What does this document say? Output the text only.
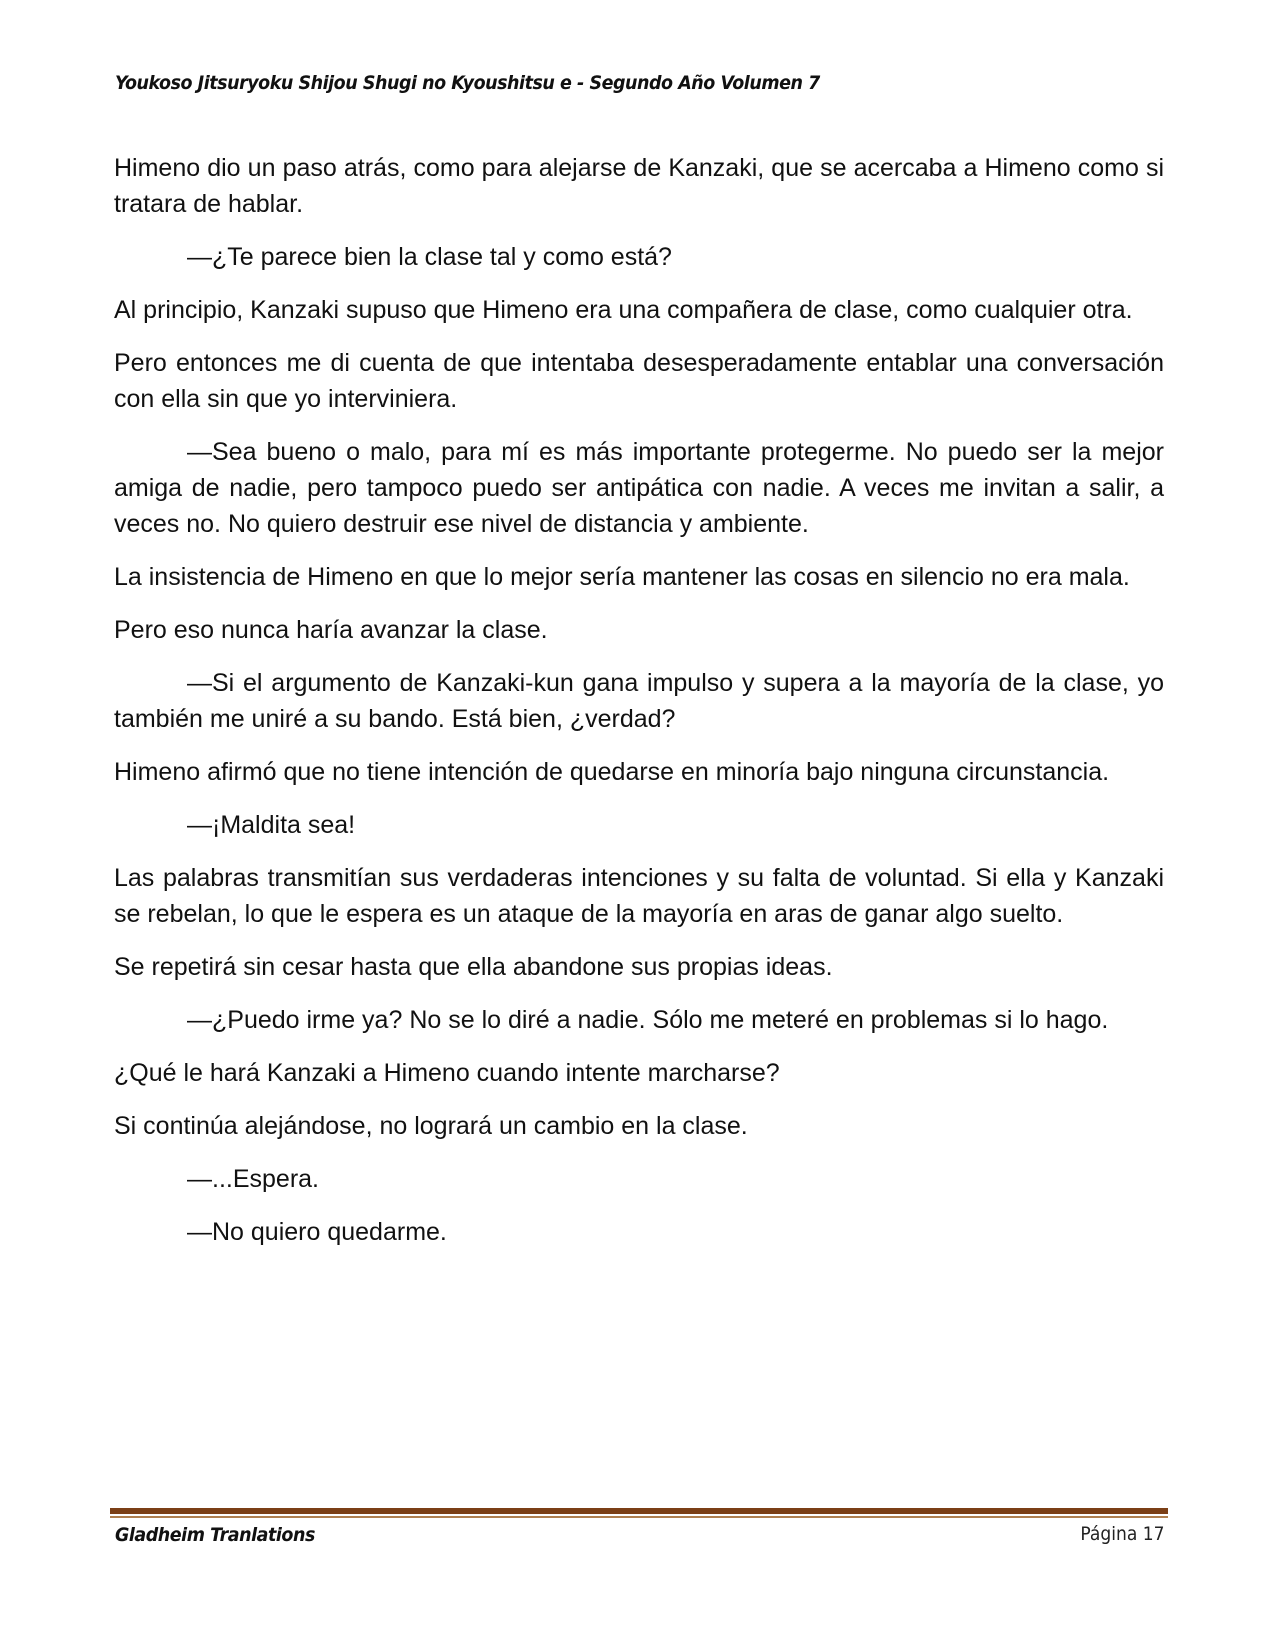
Youkoso Jitsuryoku Shijou Shugi no Kyoushitsu e - Segundo Año Volumen 7

Himeno dio un paso atrás, como para alejarse de Kanzaki, que se acercaba a Himeno como si tratara de hablar.

—¿Te parece bien la clase tal y como está?

Al principio, Kanzaki supuso que Himeno era una compañera de clase, como cualquier otra.

Pero entonces me di cuenta de que intentaba desesperadamente entablar una conversación con ella sin que yo interviniera.

—Sea bueno o malo, para mí es más importante protegerme. No puedo ser la mejor amiga de nadie, pero tampoco puedo ser antipática con nadie. A veces me invitan a salir, a veces no. No quiero destruir ese nivel de distancia y ambiente.

La insistencia de Himeno en que lo mejor sería mantener las cosas en silencio no era mala.

Pero eso nunca haría avanzar la clase.

—Si el argumento de Kanzaki-kun gana impulso y supera a la mayoría de la clase, yo también me uniré a su bando. Está bien, ¿verdad?

Himeno afirmó que no tiene intención de quedarse en minoría bajo ninguna circunstancia.

—¡Maldita sea!

Las palabras transmitían sus verdaderas intenciones y su falta de voluntad. Si ella y Kanzaki se rebelan, lo que le espera es un ataque de la mayoría en aras de ganar algo suelto.

Se repetirá sin cesar hasta que ella abandone sus propias ideas.

—¿Puedo irme ya? No se lo diré a nadie. Sólo me meteré en problemas si lo hago.

¿Qué le hará Kanzaki a Himeno cuando intente marcharse?

Si continúa alejándose, no logrará un cambio en la clase.

—...Espera.

—No quiero quedarme.

Gladheim Tranlations	Página 17
